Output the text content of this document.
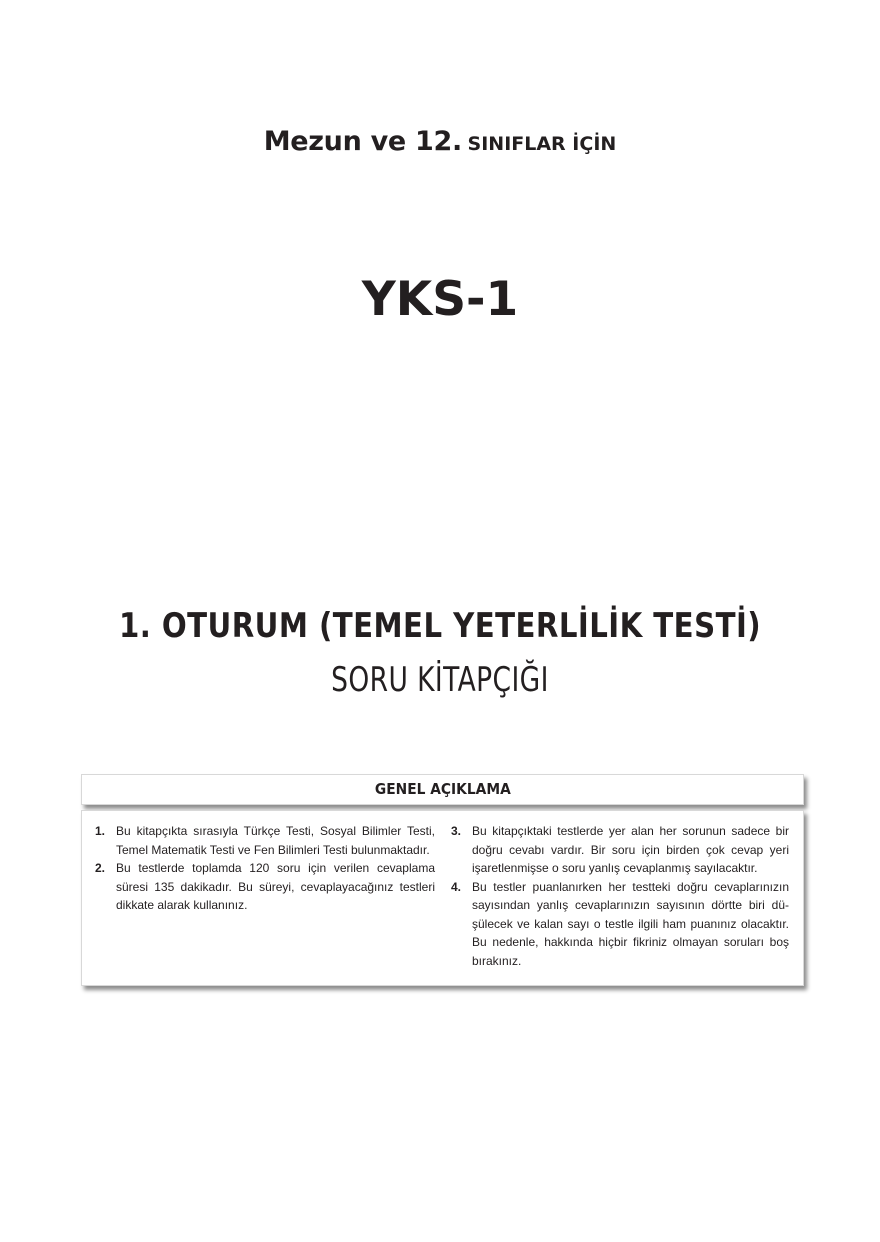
Mezun ve 12. SINIFLAR İÇİN
YKS-1
1. OTURUM (TEMEL YETERLİLİK TESTİ)
SORU KİTAPÇIĞI
GENEL AÇIKLAMA
1. Bu kitapçıkta sırasıyla Türkçe Testi, Sosyal Bilimler Testi, Temel Matematik Testi ve Fen Bilimleri Testi bulunmaktadır.
2. Bu testlerde toplamda 120 soru için verilen cevaplama süresi 135 dakikadır. Bu süreyi, cevaplayacağınız testleri dikkate alarak kullanınız.
3. Bu kitapçıktaki testlerde yer alan her sorunun sadece bir doğru cevabı vardır. Bir soru için birden çok cevap yeri işaretlenmişse o soru yanlış cevaplanmış sayılacaktır.
4. Bu testler puanlanırken her testteki doğru cevaplarınızın sayısından yanlış cevaplarınızın sayısının dörtte biri düşülecek ve kalan sayı o testle ilgili ham puanınız olacaktır. Bu nedenle, hakkında hiçbir fikriniz olmayan soruları boş bırakınız.
